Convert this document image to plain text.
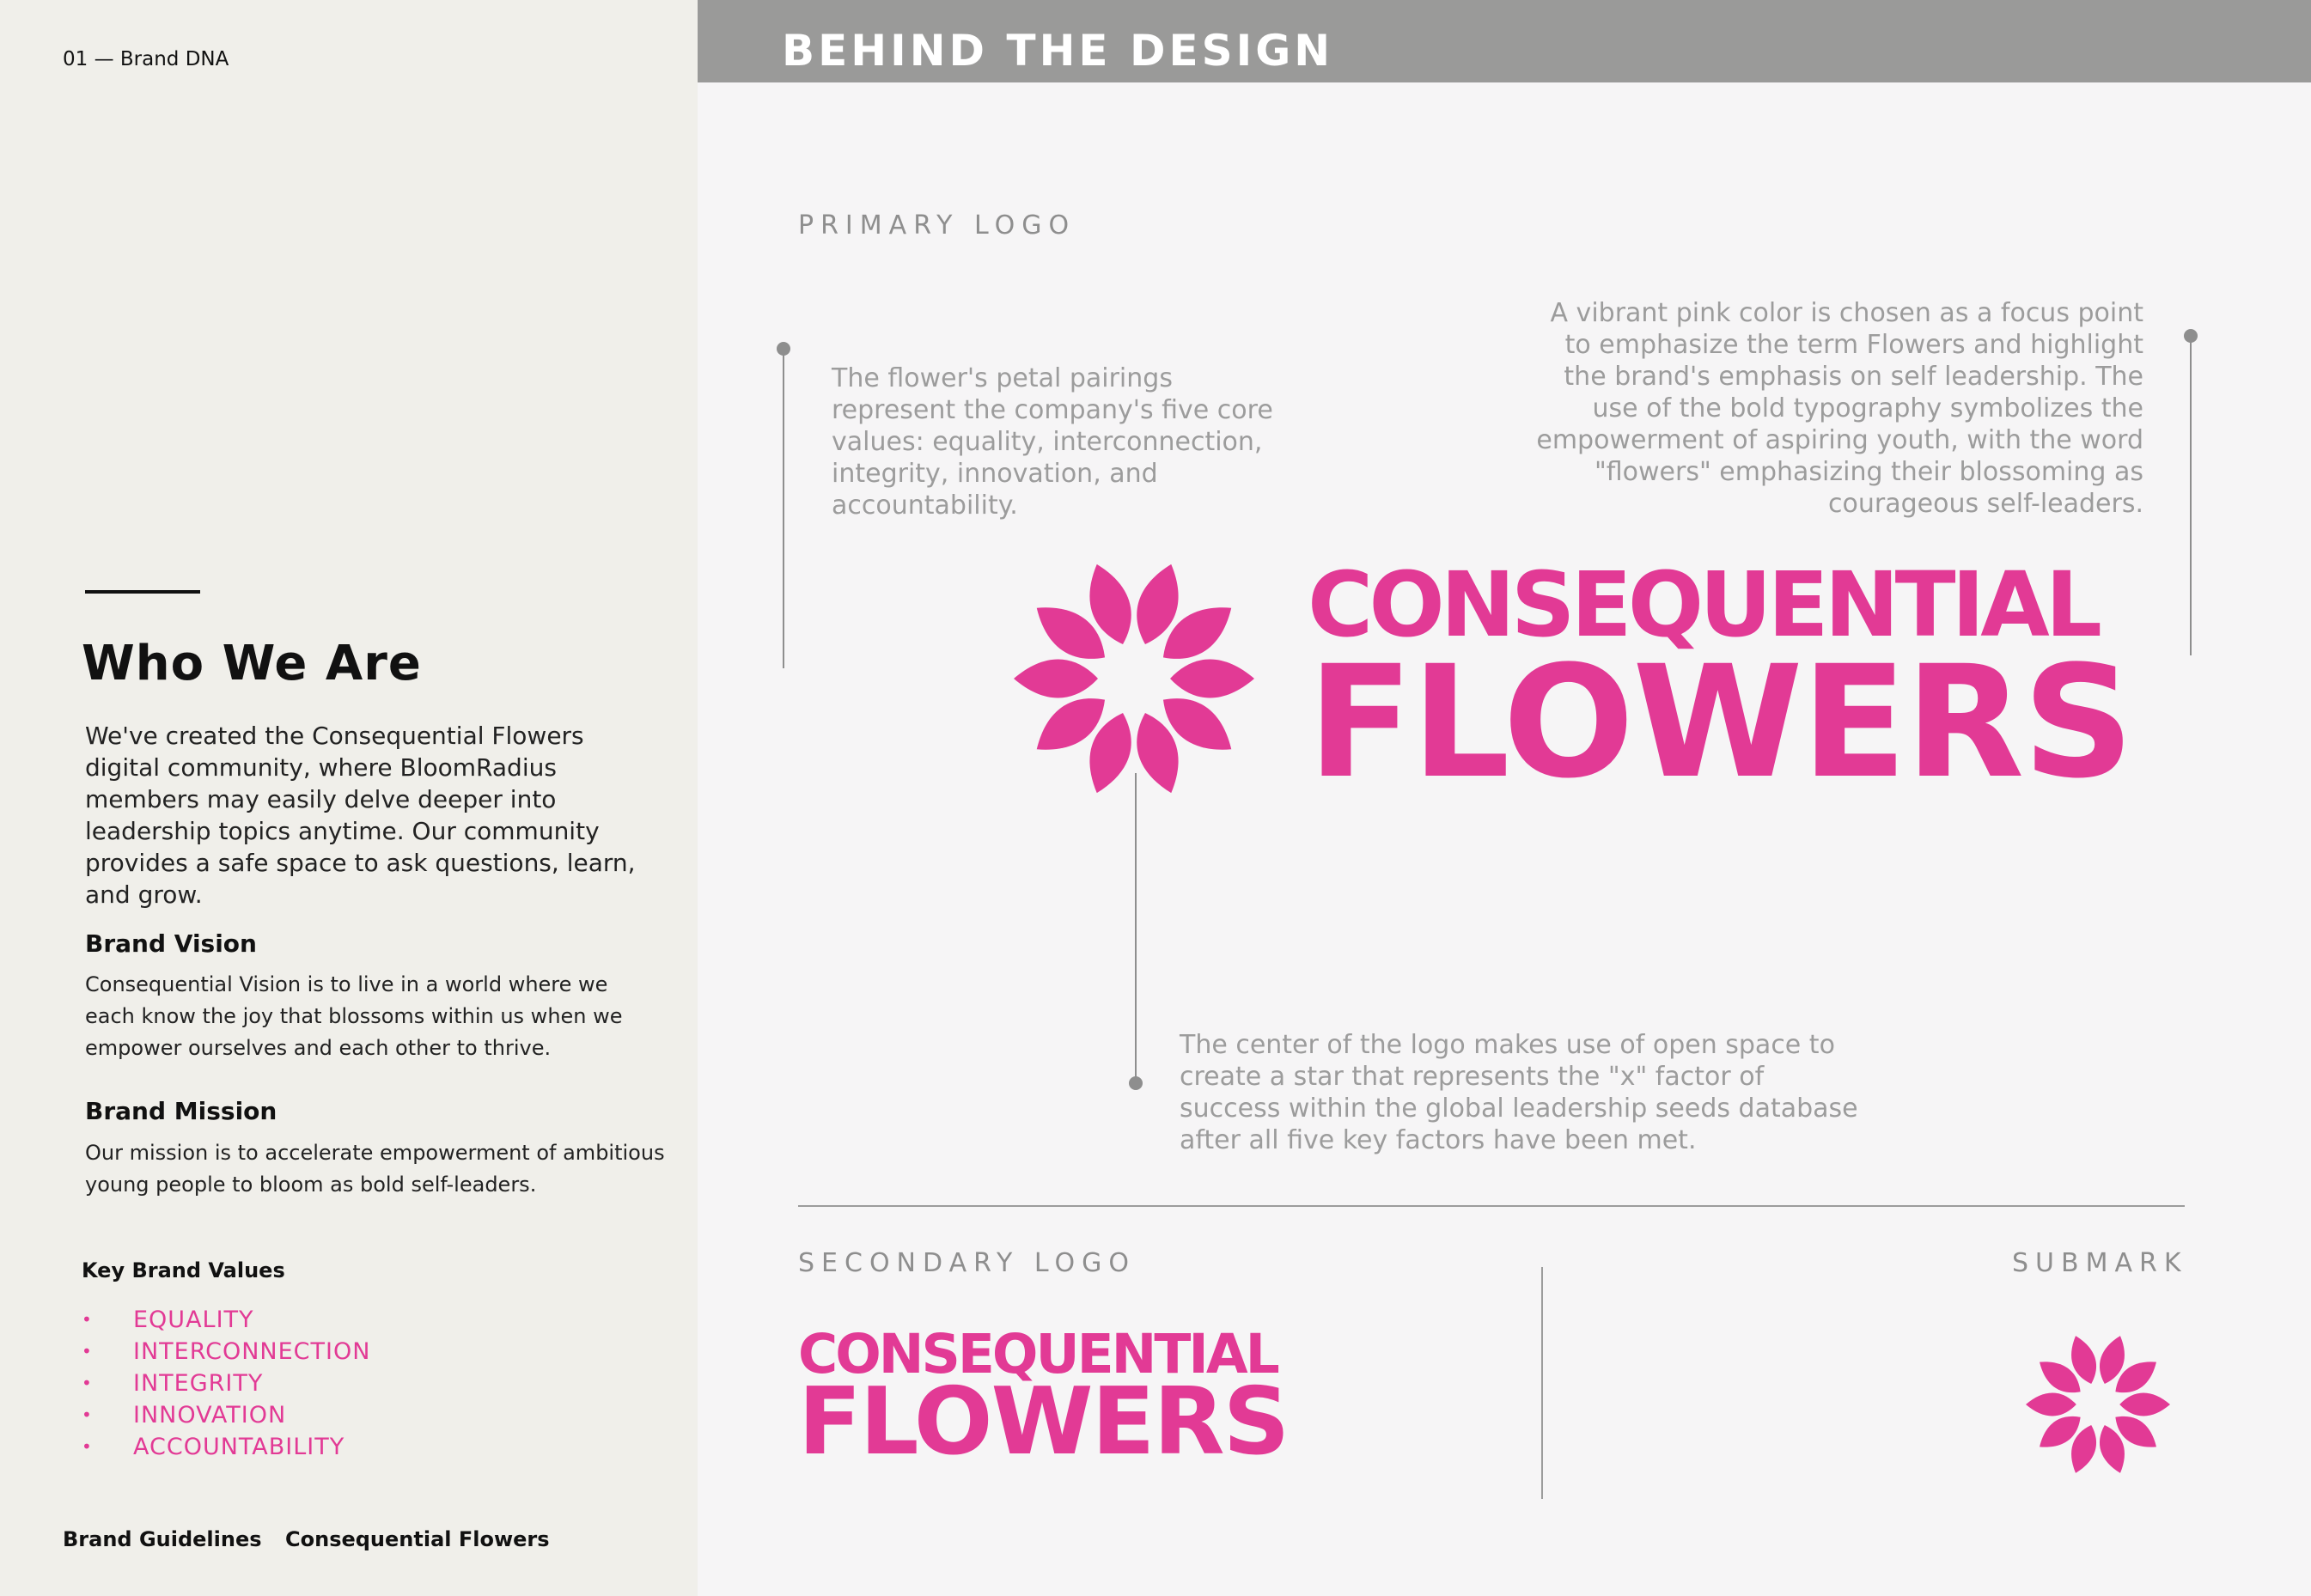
01 — Brand DNA
Who We Are
We've created the Consequential Flowers digital community, where BloomRadius members may easily delve deeper into leadership topics anytime. Our community provides a safe space to ask questions, learn, and grow.
Brand Vision
Consequential Vision is to live in a world where we each know the joy that blossoms within us when we empower ourselves and each other to thrive.
Brand Mission
Our mission is to accelerate empowerment of ambitious young people to bloom as bold self-leaders.
Key Brand Values
• EQUALITY
• INTERCONNECTION
• INTEGRITY
• INNOVATION
• ACCOUNTABILITY
Brand Guidelines Consequential Flowers
BEHIND THE DESIGN
PRIMARY LOGO
The flower's petal pairings represent the company's five core values: equality, interconnection, integrity, innovation, and accountability.
A vibrant pink color is chosen as a focus point to emphasize the term Flowers and highlight the brand's emphasis on self leadership. The use of the bold typography symbolizes the empowerment of aspiring youth, with the word "flowers" emphasizing their blossoming as courageous self-leaders.
The center of the logo makes use of open space to create a star that represents the "x" factor of success within the global leadership seeds database after all five key factors have been met.
CONSEQUENTIAL
FLOWERS
SECONDARY LOGO
CONSEQUENTIAL
FLOWERS
SUBMARK
